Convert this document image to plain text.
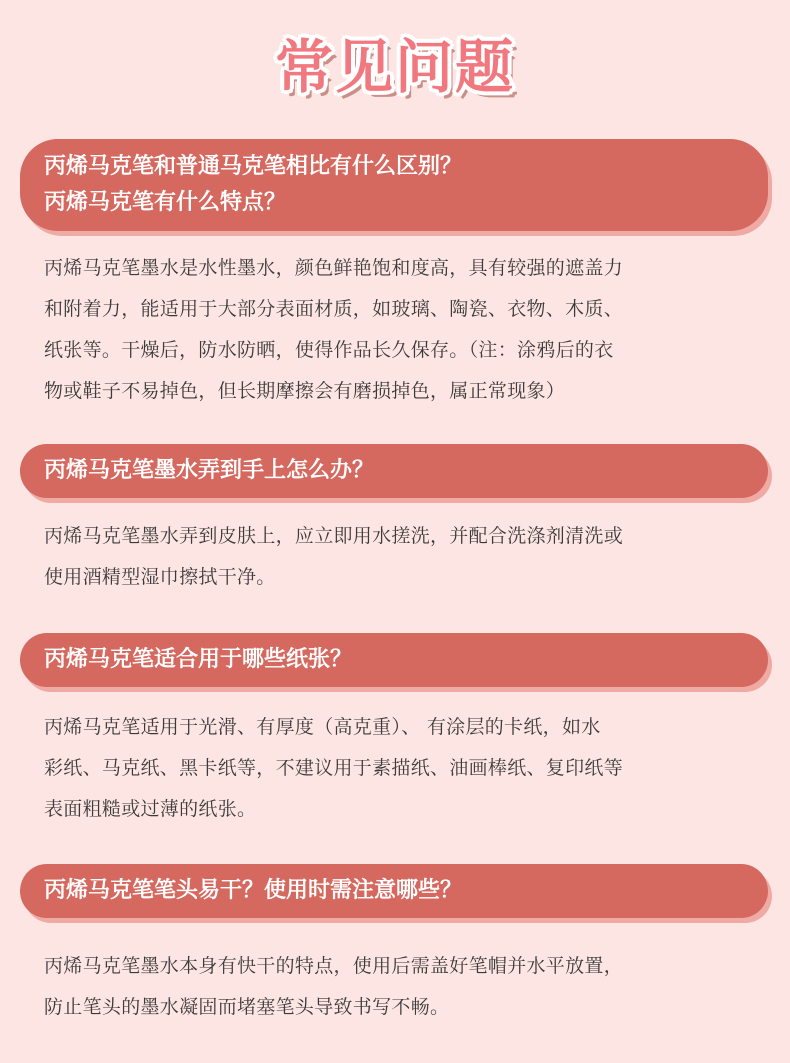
常见问题
丙烯马克笔和普通马克笔相比有什么区别？
丙烯马克笔有什么特点？
丙烯马克笔墨水是水性墨水，颜色鲜艳饱和度高，具有较强的遮盖力
和附着力，能适用于大部分表面材质，如玻璃、陶瓷、衣物、木质、
纸张等。干燥后，防水防晒，使得作品长久保存。（注：涂鸦后的衣
物或鞋子不易掉色，但长期摩擦会有磨损掉色，属正常现象）
丙烯马克笔墨水弄到手上怎么办？
丙烯马克笔墨水弄到皮肤上，应立即用水搓洗，并配合洗涤剂清洗或
使用酒精型湿巾擦拭干净。
丙烯马克笔适合用于哪些纸张？
丙烯马克笔适用于光滑、有厚度（高克重）、 有涂层的卡纸，如水
彩纸、马克纸、黑卡纸等，不建议用于素描纸、油画棒纸、复印纸等
表面粗糙或过薄的纸张。
丙烯马克笔笔头易干？使用时需注意哪些？
丙烯马克笔墨水本身有快干的特点，使用后需盖好笔帽并水平放置，
防止笔头的墨水凝固而堵塞笔头导致书写不畅。
